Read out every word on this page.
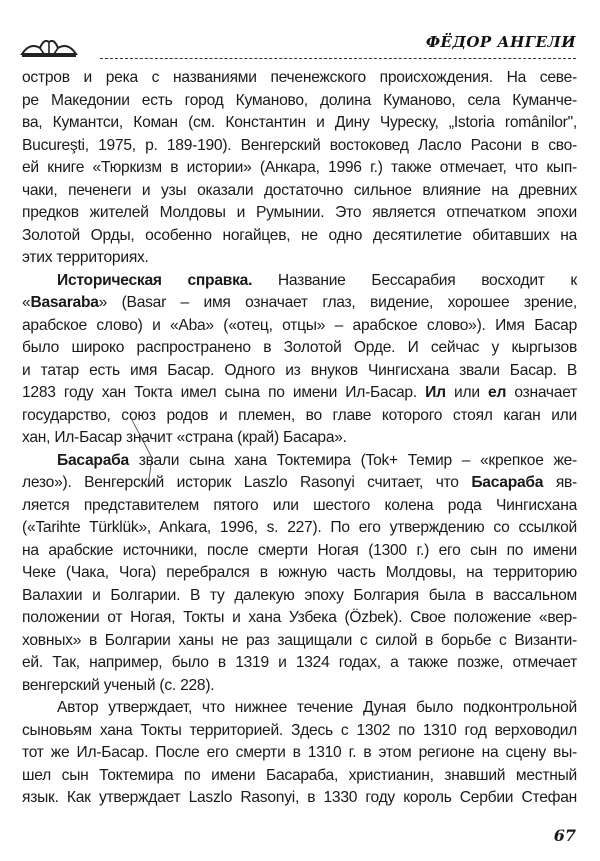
ФЁДОР АНГЕЛИ
остров и река с названиями печенежского происхождения. На севе-
ре Македонии есть город Куманово, долина Куманово, села Куманче-
ва, Кумантси, Коман (см. Константин и Дину Чуреску, „Istoria românilor",
Bucureşti, 1975, p. 189-190). Венгерский востоковед Ласло Расони в сво-
ей книге «Тюркизм в истории» (Анкара, 1996 г.) также отмечает, что кып-
чаки, печенеги и узы оказали достаточно сильное влияние на древних
предков жителей Молдовы и Румынии. Это является отпечатком эпохи
Золотой Орды, особенно ногайцев, не одно десятилетие обитавших на
этих территориях.
Историческая справка. Название Бессарабия восходит к
«Basaraba» (Basar – имя означает глаз, видение, хорошее зрение,
арабское слово) и «Aba» («отец, отцы» – арабское слово»). Имя Басар
было широко распространено в Золотой Орде. И сейчас у кыргызов
и татар есть имя Басар. Одного из внуков Чингисхана звали Басар. В
1283 году хан Токта имел сына по имени Ил-Басар. Ил или ел означает
государство, союз родов и племен, во главе которого стоял каган или
хан, Ил-Басар значит «страна (край) Басара».
Басараба звали сына хана Токтемира (Tok+ Темир – «крепкое же-
лезо»). Венгерский историк Laszlo Rasonyi считает, что Басараба яв-
ляется представителем пятого или шестого колена рода Чингисхана
(«Tarihte Türklük», Ankara, 1996, s. 227). По его утверждению со ссылкой
на арабские источники, после смерти Ногая (1300 г.) его сын по имени
Чеке (Чака, Чога) перебрался в южную часть Молдовы, на территорию
Валахии и Болгарии. В ту далекую эпоху Болгария была в вассальном
положении от Ногая, Токты и хана Узбека (Özbek). Свое положение «вер-
ховных» в Болгарии ханы не раз защищали с силой в борьбе с Византи-
ей. Так, например, было в 1319 и 1324 годах, а также позже, отмечает
венгерский ученый (с. 228).
Автор утверждает, что нижнее течение Дуная было подконтрольной
сыновьям хана Токты территорией. Здесь с 1302 по 1310 год верховодил
тот же Ил-Басар. После его смерти в 1310 г. в этом регионе на сцену вы-
шел сын Токтемира по имени Басараба, христианин, знавший местный
язык. Как утверждает Laszlo Rasonyi, в 1330 году король Сербии Стефан
67
